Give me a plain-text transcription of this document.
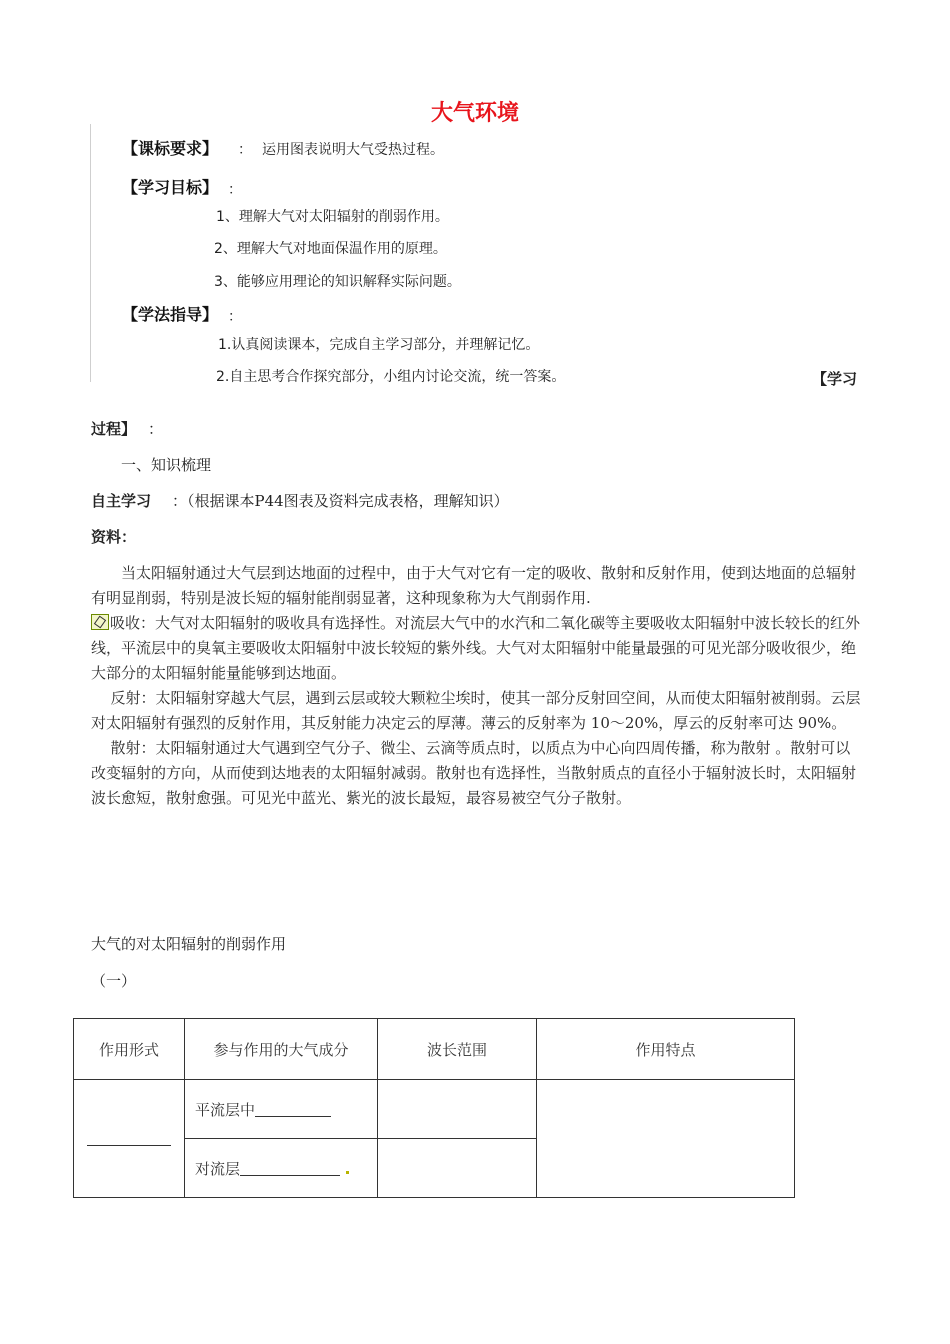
大气环境
【课标要求】 ： 运用图表说明大气受热过程。
【学习目标】 ：
1、理解大气对太阳辐射的削弱作用。
2、理解大气对地面保温作用的原理。
3、能够应用理论的知识解释实际问题。
【学法指导】 ：
1.认真阅读课本，完成自主学习部分，并理解记忆。
2.自主思考合作探究部分，小组内讨论交流，统一答案。	【学习
过程】 ：
一、知识梳理
自主学习 ：（根据课本P44图表及资料完成表格，理解知识）
资料：

当太阳辐射通过大气层到达地面的过程中，由于大气对它有一定的吸收、散射和反射作用，使到达地面的总辐射有明显削弱，特别是波长短的辐射能削弱显著，这种现象称为大气削弱作用.

吸收：大气对太阳辐射的吸收具有选择性。对流层大气中的水汽和二氧化碳等主要吸收太阳辐射中波长较长的红外线，平流层中的臭氧主要吸收太阳辐射中波长较短的紫外线。大气对太阳辐射中能量最强的可见光部分吸收很少，绝大部分的太阳辐射能量能够到达地面。

反射：太阳辐射穿越大气层，遇到云层或较大颗粒尘埃时，使其一部分反射回空间，从而使太阳辐射被削弱。云层对太阳辐射有强烈的反射作用，其反射能力决定云的厚薄。薄云的反射率为 10～20%，厚云的反射率可达 90%。

散射：太阳辐射通过大气遇到空气分子、微尘、云滴等质点时，以质点为中心向四周传播，称为散射 。散射可以改变辐射的方向，从而使到达地表的太阳辐射减弱。散射也有选择性，当散射质点的直径小于辐射波长时，太阳辐射波长愈短，散射愈强。可见光中蓝光、紫光的波长最短，最容易被空气分子散射。

大气的对太阳辐射的削弱作用
（一）
作用形式	参与作用的大气成分	波长范围	作用特点
	平流层中		
	对流层		
